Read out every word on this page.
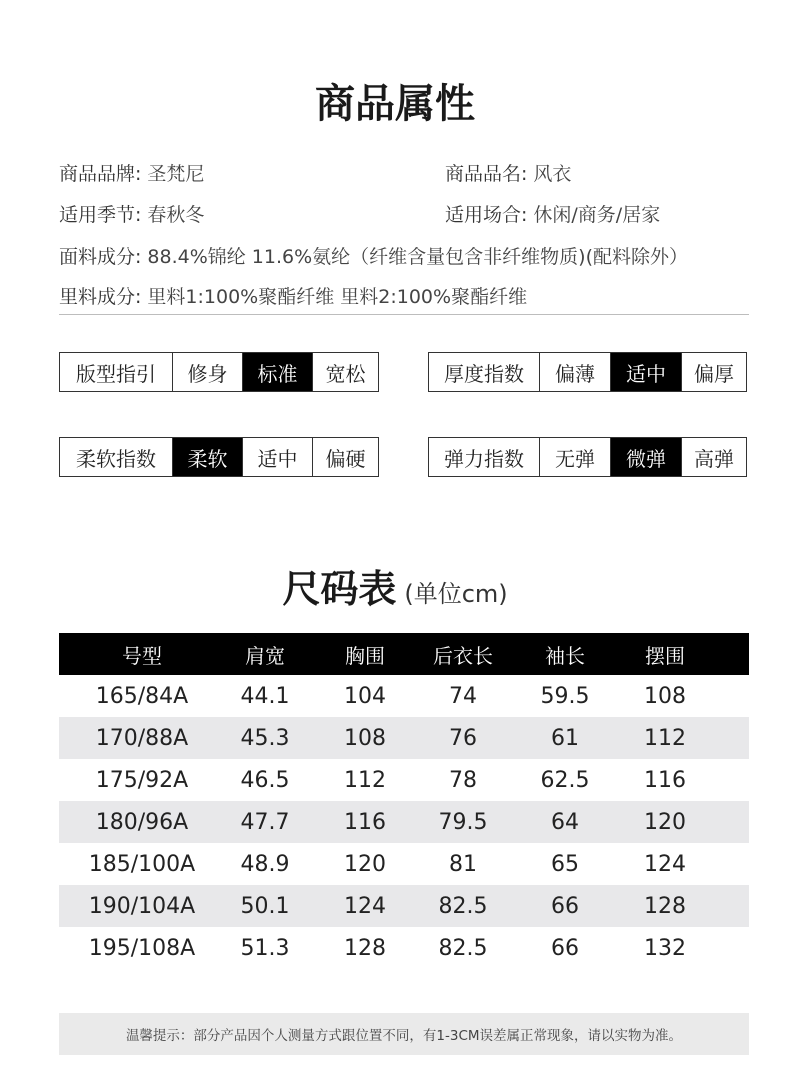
商品属性
商品品牌: 圣梵尼	商品品名: 风衣
适用季节: 春秋冬	适用场合: 休闲/商务/居家
面料成分: 88.4%锦纶 11.6%氨纶（纤维含量包含非纤维物质)(配料除外）
里料成分: 里料1:100%聚酯纤维 里料2:100%聚酯纤维
版型指引	修身	标准	宽松	厚度指数	偏薄	适中	偏厚
柔软指数	柔软	适中	偏硬	弹力指数	无弹	微弹	高弹
尺码表 (单位cm)
号型	肩宽	胸围	后衣长	袖长	摆围
165/84A	44.1	104	74	59.5	108
170/88A	45.3	108	76	61	112
175/92A	46.5	112	78	62.5	116
180/96A	47.7	116	79.5	64	120
185/100A	48.9	120	81	65	124
190/104A	50.1	124	82.5	66	128
195/108A	51.3	128	82.5	66	132
温馨提示：部分产品因个人测量方式跟位置不同，有1-3CM误差属正常现象，请以实物为准。
